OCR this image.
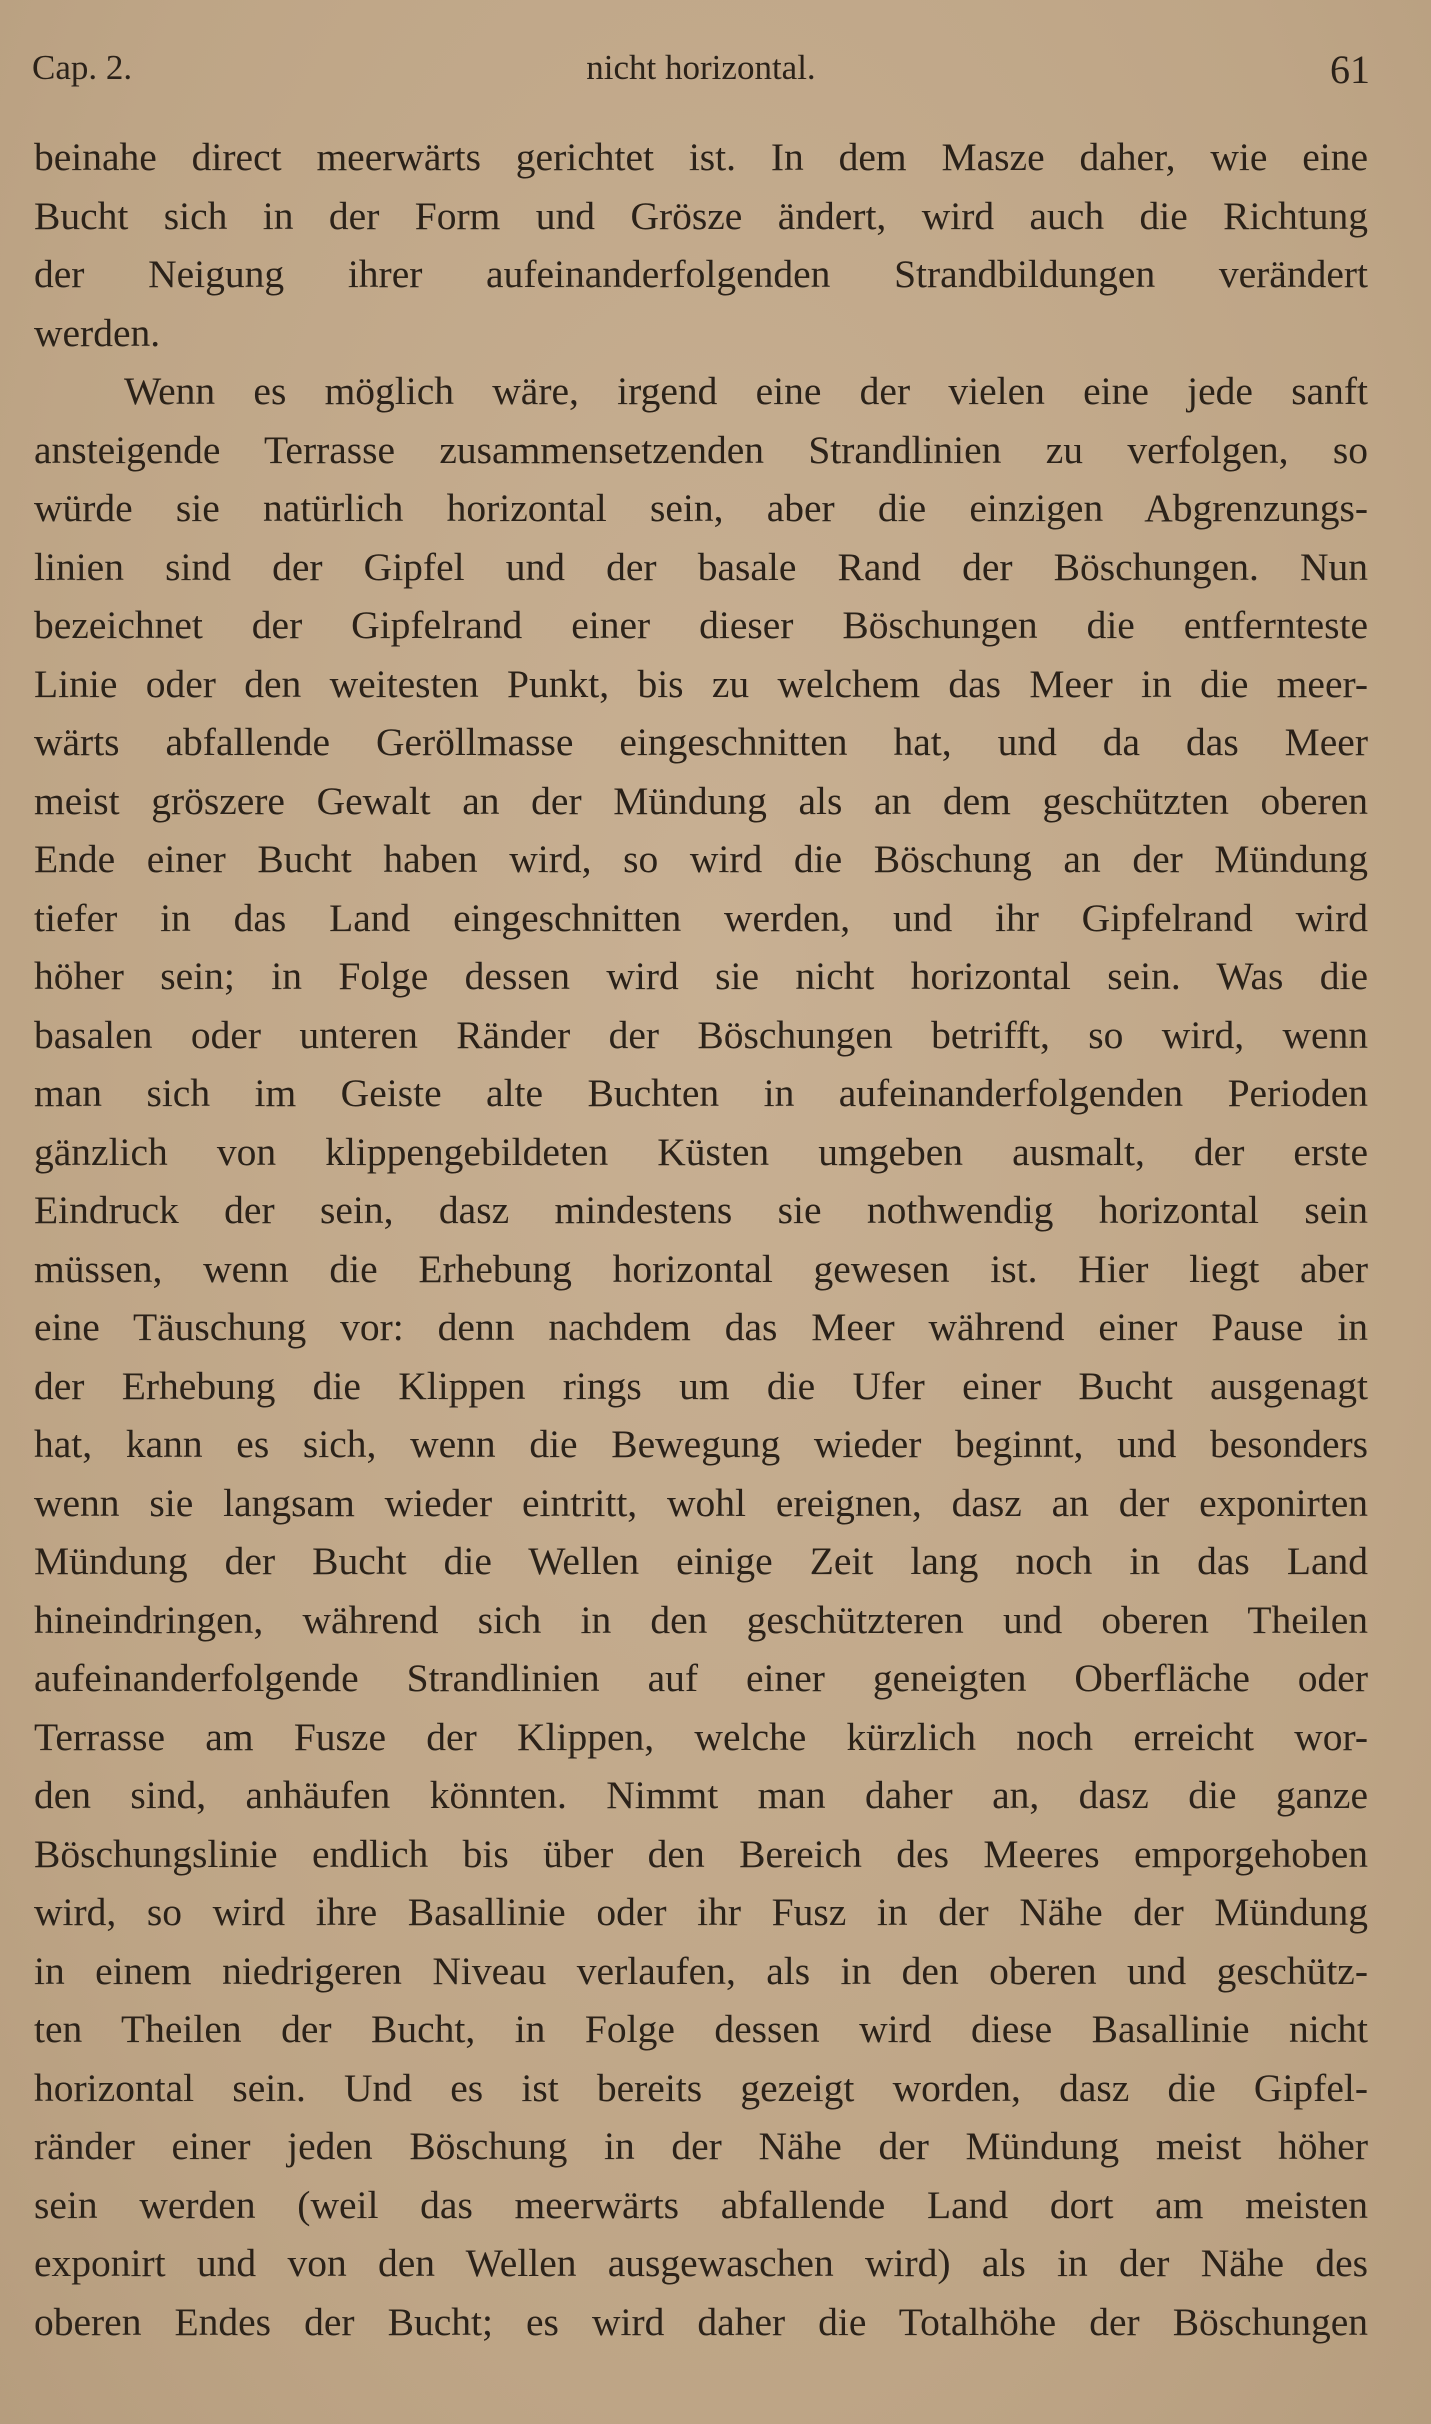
Cap. 2.	nicht horizontal.	61
beinahe direct meerwärts gerichtet ist. In dem Masze daher, wie eine
Bucht sich in der Form und Grösze ändert, wird auch die Richtung
der Neigung ihrer aufeinanderfolgenden Strandbildungen verändert
werden.
Wenn es möglich wäre, irgend eine der vielen eine jede sanft
ansteigende Terrasse zusammensetzenden Strandlinien zu verfolgen, so
würde sie natürlich horizontal sein, aber die einzigen Abgrenzungs-
linien sind der Gipfel und der basale Rand der Böschungen. Nun
bezeichnet der Gipfelrand einer dieser Böschungen die entfernteste
Linie oder den weitesten Punkt, bis zu welchem das Meer in die meer-
wärts abfallende Geröllmasse eingeschnitten hat, und da das Meer
meist gröszere Gewalt an der Mündung als an dem geschützten oberen
Ende einer Bucht haben wird, so wird die Böschung an der Mündung
tiefer in das Land eingeschnitten werden, und ihr Gipfelrand wird
höher sein; in Folge dessen wird sie nicht horizontal sein. Was die
basalen oder unteren Ränder der Böschungen betrifft, so wird, wenn
man sich im Geiste alte Buchten in aufeinanderfolgenden Perioden
gänzlich von klippengebildeten Küsten umgeben ausmalt, der erste
Eindruck der sein, dasz mindestens sie nothwendig horizontal sein
müssen, wenn die Erhebung horizontal gewesen ist. Hier liegt aber
eine Täuschung vor: denn nachdem das Meer während einer Pause in
der Erhebung die Klippen rings um die Ufer einer Bucht ausgenagt
hat, kann es sich, wenn die Bewegung wieder beginnt, und besonders
wenn sie langsam wieder eintritt, wohl ereignen, dasz an der exponirten
Mündung der Bucht die Wellen einige Zeit lang noch in das Land
hineindringen, während sich in den geschützteren und oberen Theilen
aufeinanderfolgende Strandlinien auf einer geneigten Oberfläche oder
Terrasse am Fusze der Klippen, welche kürzlich noch erreicht wor-
den sind, anhäufen könnten. Nimmt man daher an, dasz die ganze
Böschungslinie endlich bis über den Bereich des Meeres emporgehoben
wird, so wird ihre Basallinie oder ihr Fusz in der Nähe der Mündung
in einem niedrigeren Niveau verlaufen, als in den oberen und geschütz-
ten Theilen der Bucht, in Folge dessen wird diese Basallinie nicht
horizontal sein. Und es ist bereits gezeigt worden, dasz die Gipfel-
ränder einer jeden Böschung in der Nähe der Mündung meist höher
sein werden (weil das meerwärts abfallende Land dort am meisten
exponirt und von den Wellen ausgewaschen wird) als in der Nähe des
oberen Endes der Bucht; es wird daher die Totalhöhe der Böschungen
